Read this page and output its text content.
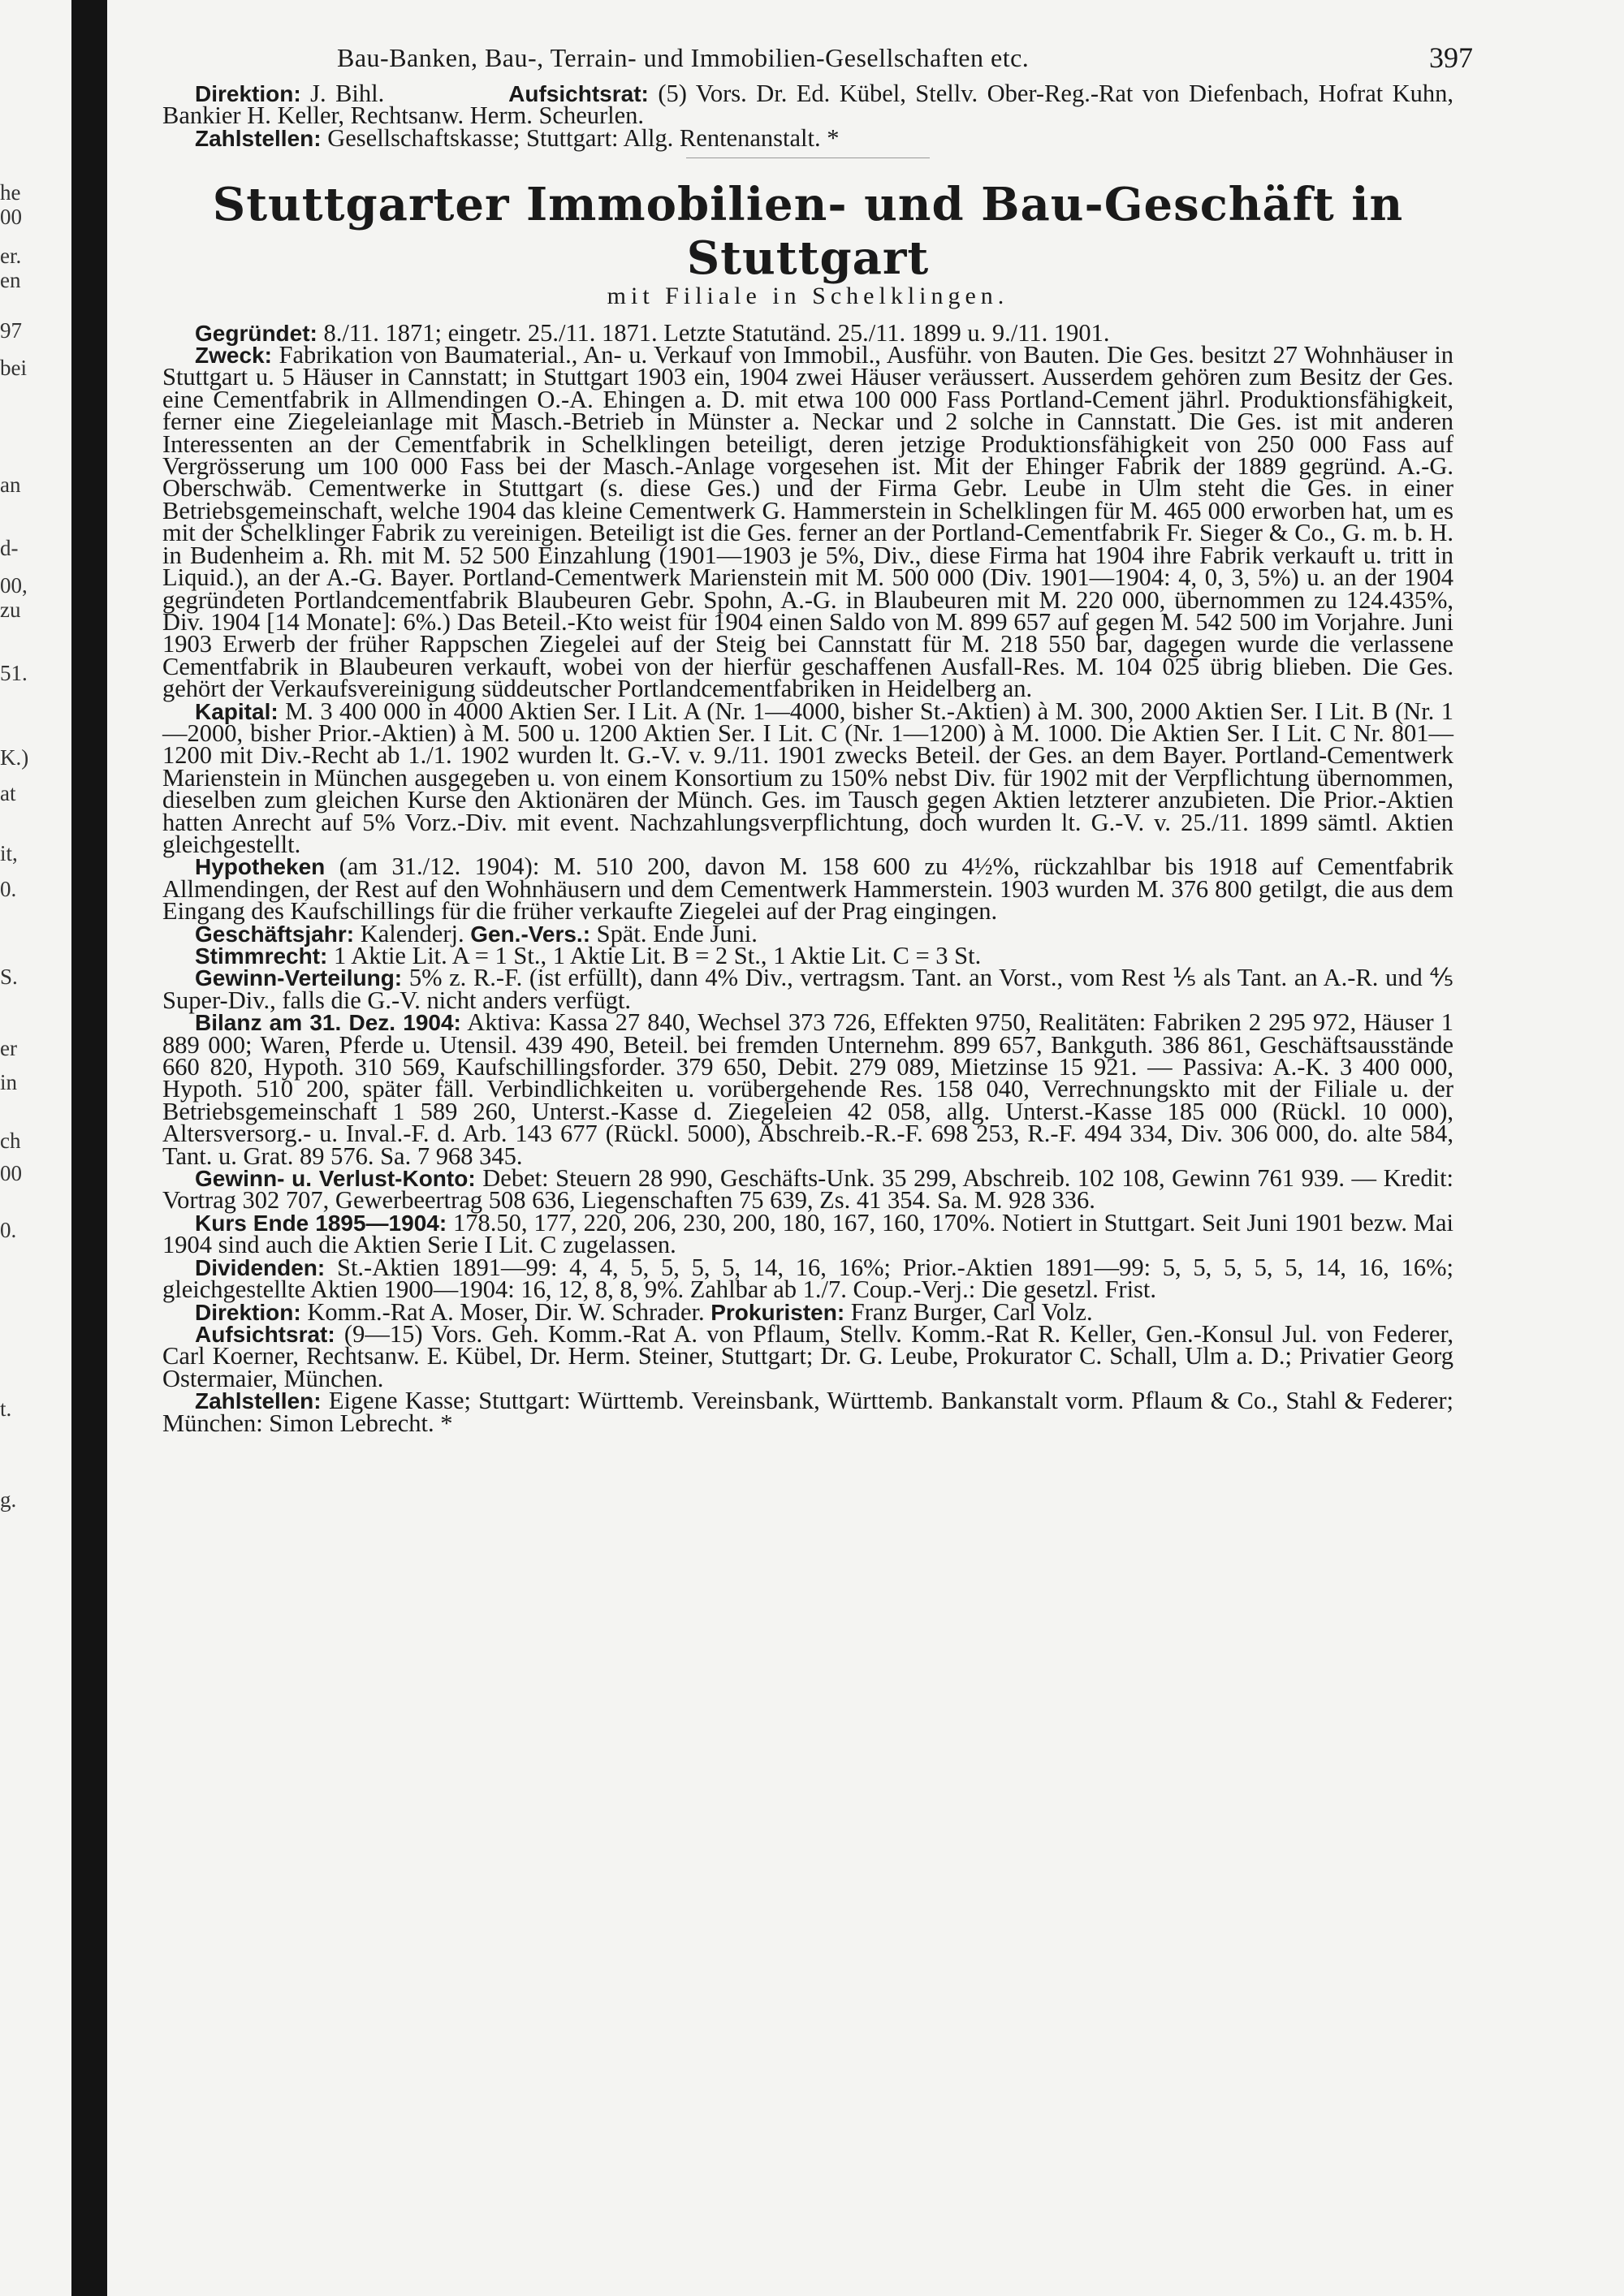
he
00
er.
en
97
bei
an
d-
00,
zu
51.
K.)
at
it,
0.
S.
er
in
ch
00
0.
t.
g.
Bau-Banken, Bau-, Terrain- und Immobilien-Gesellschaften etc.	397

Direktion: J. Bihl.	Aufsichtsrat: (5) Vors. Dr. Ed. Kübel, Stellv. Ober-Reg.-Rat von Diefenbach, Hofrat Kuhn, Bankier H. Keller, Rechtsanw. Herm. Scheurlen.

Zahlstellen: Gesellschaftskasse; Stuttgart: Allg. Rentenanstalt. *

Stuttgarter Immobilien- und Bau-Geschäft in Stuttgart

mit Filiale in Schelklingen.

Gegründet: 8./11. 1871; eingetr. 25./11. 1871. Letzte Statutänd. 25./11. 1899 u. 9./11. 1901.

Zweck: Fabrikation von Baumaterial., An- u. Verkauf von Immobil., Ausführ. von Bauten. Die Ges. besitzt 27 Wohnhäuser in Stuttgart u. 5 Häuser in Cannstatt; in Stuttgart 1903 ein, 1904 zwei Häuser veräussert. Ausserdem gehören zum Besitz der Ges. eine Cementfabrik in Allmendingen O.-A. Ehingen a. D. mit etwa 100 000 Fass Portland-Cement jährl. Produktionsfähigkeit, ferner eine Ziegeleianlage mit Masch.-Betrieb in Münster a. Neckar und 2 solche in Cannstatt. Die Ges. ist mit anderen Interessenten an der Cementfabrik in Schelklingen beteiligt, deren jetzige Produktionsfähigkeit von 250 000 Fass auf Vergrösserung um 100 000 Fass bei der Masch.-Anlage vorgesehen ist. Mit der Ehinger Fabrik der 1889 gegründ. A.-G. Oberschwäb. Cementwerke in Stuttgart (s. diese Ges.) und der Firma Gebr. Leube in Ulm steht die Ges. in einer Betriebsgemeinschaft, welche 1904 das kleine Cementwerk G. Hammerstein in Schelklingen für M. 465 000 erworben hat, um es mit der Schelklinger Fabrik zu vereinigen. Beteiligt ist die Ges. ferner an der Portland-Cementfabrik Fr. Sieger & Co., G. m. b. H. in Budenheim a. Rh. mit M. 52 500 Einzahlung (1901—1903 je 5%, Div., diese Firma hat 1904 ihre Fabrik verkauft u. tritt in Liquid.), an der A.-G. Bayer. Portland-Cementwerk Marienstein mit M. 500 000 (Div. 1901—1904: 4, 0, 3, 5%) u. an der 1904 gegründeten Portlandcementfabrik Blaubeuren Gebr. Spohn, A.-G. in Blaubeuren mit M. 220 000, übernommen zu 124.435%, Div. 1904 [14 Monate]: 6%.) Das Beteil.-Kto weist für 1904 einen Saldo von M. 899 657 auf gegen M. 542 500 im Vorjahre. Juni 1903 Erwerb der früher Rappschen Ziegelei auf der Steig bei Cannstatt für M. 218 550 bar, dagegen wurde die verlassene Cementfabrik in Blaubeuren verkauft, wobei von der hierfür geschaffenen Ausfall-Res. M. 104 025 übrig blieben. Die Ges. gehört der Verkaufsvereinigung süddeutscher Portlandcementfabriken in Heidelberg an.

Kapital: M. 3 400 000 in 4000 Aktien Ser. I Lit. A (Nr. 1—4000, bisher St.-Aktien) à M. 300, 2000 Aktien Ser. I Lit. B (Nr. 1—2000, bisher Prior.-Aktien) à M. 500 u. 1200 Aktien Ser. I Lit. C (Nr. 1—1200) à M. 1000. Die Aktien Ser. I Lit. C Nr. 801—1200 mit Div.-Recht ab 1./1. 1902 wurden lt. G.-V. v. 9./11. 1901 zwecks Beteil. der Ges. an dem Bayer. Portland-Cementwerk Marienstein in München ausgegeben u. von einem Konsortium zu 150% nebst Div. für 1902 mit der Verpflichtung übernommen, dieselben zum gleichen Kurse den Aktionären der Münch. Ges. im Tausch gegen Aktien letzterer anzubieten. Die Prior.-Aktien hatten Anrecht auf 5% Vorz.-Div. mit event. Nachzahlungsverpflichtung, doch wurden lt. G.-V. v. 25./11. 1899 sämtl. Aktien gleichgestellt.

Hypotheken (am 31./12. 1904): M. 510 200, davon M. 158 600 zu 4½%, rückzahlbar bis 1918 auf Cementfabrik Allmendingen, der Rest auf den Wohnhäusern und dem Cementwerk Hammerstein. 1903 wurden M. 376 800 getilgt, die aus dem Eingang des Kaufschillings für die früher verkaufte Ziegelei auf der Prag eingingen.

Geschäftsjahr: Kalenderj. Gen.-Vers.: Spät. Ende Juni.

Stimmrecht: 1 Aktie Lit. A = 1 St., 1 Aktie Lit. B = 2 St., 1 Aktie Lit. C = 3 St.

Gewinn-Verteilung: 5% z. R.-F. (ist erfüllt), dann 4% Div., vertragsm. Tant. an Vorst., vom Rest ⅕ als Tant. an A.-R. und ⅘ Super-Div., falls die G.-V. nicht anders verfügt.

Bilanz am 31. Dez. 1904: Aktiva: Kassa 27 840, Wechsel 373 726, Effekten 9750, Realitäten: Fabriken 2 295 972, Häuser 1 889 000; Waren, Pferde u. Utensil. 439 490, Beteil. bei fremden Unternehm. 899 657, Bankguth. 386 861, Geschäftsausstände 660 820, Hypoth. 310 569, Kaufschillingsforder. 379 650, Debit. 279 089, Mietzinse 15 921. — Passiva: A.-K. 3 400 000, Hypoth. 510 200, später fäll. Verbindlichkeiten u. vorübergehende Res. 158 040, Verrechnungskto mit der Filiale u. der Betriebsgemeinschaft 1 589 260, Unterst.-Kasse d. Ziegeleien 42 058, allg. Unterst.-Kasse 185 000 (Rückl. 10 000), Altersversorg.- u. Inval.-F. d. Arb. 143 677 (Rückl. 5000), Abschreib.-R.-F. 698 253, R.-F. 494 334, Div. 306 000, do. alte 584, Tant. u. Grat. 89 576. Sa. 7 968 345.

Gewinn- u. Verlust-Konto: Debet: Steuern 28 990, Geschäfts-Unk. 35 299, Abschreib. 102 108, Gewinn 761 939. — Kredit: Vortrag 302 707, Gewerbeertrag 508 636, Liegenschaften 75 639, Zs. 41 354. Sa. M. 928 336.

Kurs Ende 1895—1904: 178.50, 177, 220, 206, 230, 200, 180, 167, 160, 170%. Notiert in Stuttgart. Seit Juni 1901 bezw. Mai 1904 sind auch die Aktien Serie I Lit. C zugelassen.

Dividenden: St.-Aktien 1891—99: 4, 4, 5, 5, 5, 5, 14, 16, 16%; Prior.-Aktien 1891—99: 5, 5, 5, 5, 5, 14, 16, 16%; gleichgestellte Aktien 1900—1904: 16, 12, 8, 8, 9%. Zahlbar ab 1./7. Coup.-Verj.: Die gesetzl. Frist.

Direktion: Komm.-Rat A. Moser, Dir. W. Schrader. Prokuristen: Franz Burger, Carl Volz.

Aufsichtsrat: (9—15) Vors. Geh. Komm.-Rat A. von Pflaum, Stellv. Komm.-Rat R. Keller, Gen.-Konsul Jul. von Federer, Carl Koerner, Rechtsanw. E. Kübel, Dr. Herm. Steiner, Stuttgart; Dr. G. Leube, Prokurator C. Schall, Ulm a. D.; Privatier Georg Ostermaier, München.

Zahlstellen: Eigene Kasse; Stuttgart: Württemb. Vereinsbank, Württemb. Bankanstalt vorm. Pflaum & Co., Stahl & Federer; München: Simon Lebrecht. *
